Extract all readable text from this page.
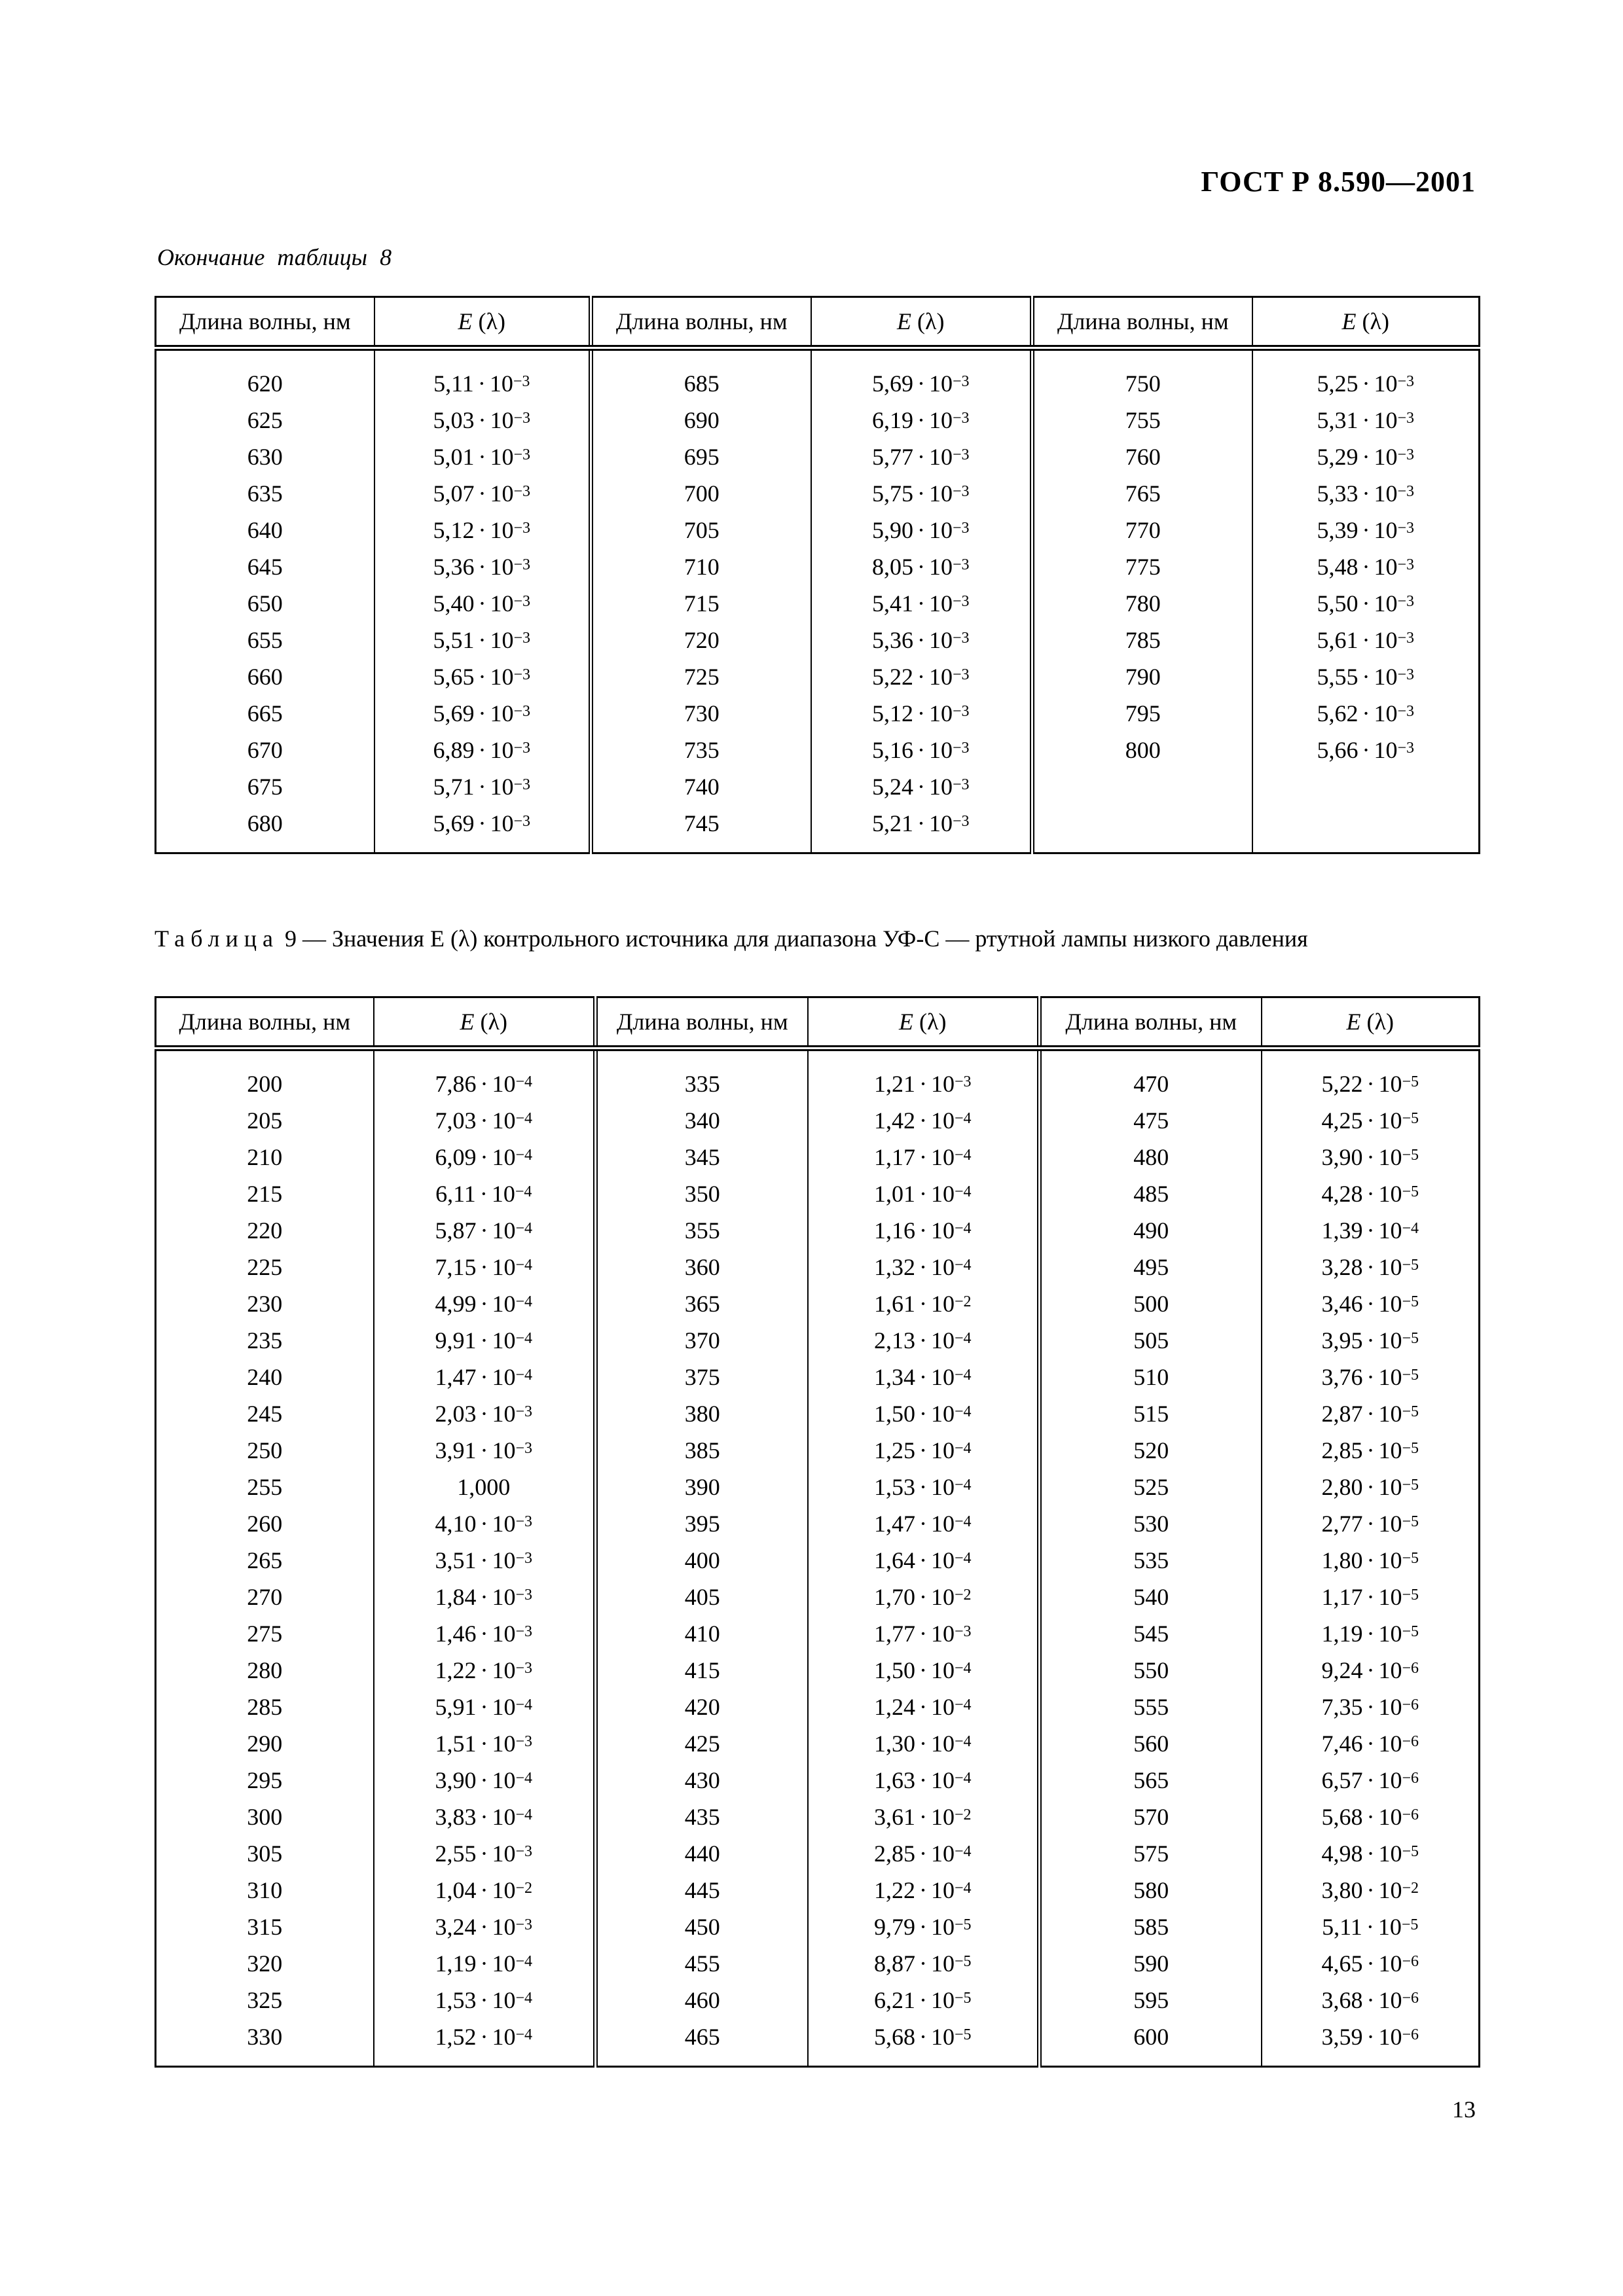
ГОСТ Р 8.590—2001
Окончание таблицы 8
Длина волны, нм	E (λ)	Длина волны, нм	E (λ)	Длина волны, нм	E (λ)

620	$5,11 \cdot 10^{-3}$	685	$5,69 \cdot 10^{-3}$	750	$5,25 \cdot 10^{-3}$
625	$5,03 \cdot 10^{-3}$	690	$6,19 \cdot 10^{-3}$	755	$5,31 \cdot 10^{-3}$
630	$5,01 \cdot 10^{-3}$	695	$5,77 \cdot 10^{-3}$	760	$5,29 \cdot 10^{-3}$
635	$5,07 \cdot 10^{-3}$	700	$5,75 \cdot 10^{-3}$	765	$5,33 \cdot 10^{-3}$
640	$5,12 \cdot 10^{-3}$	705	$5,90 \cdot 10^{-3}$	770	$5,39 \cdot 10^{-3}$
645	$5,36 \cdot 10^{-3}$	710	$8,05 \cdot 10^{-3}$	775	$5,48 \cdot 10^{-3}$
650	$5,40 \cdot 10^{-3}$	715	$5,41 \cdot 10^{-3}$	780	$5,50 \cdot 10^{-3}$
655	$5,51 \cdot 10^{-3}$	720	$5,36 \cdot 10^{-3}$	785	$5,61 \cdot 10^{-3}$
660	$5,65 \cdot 10^{-3}$	725	$5,22 \cdot 10^{-3}$	790	$5,55 \cdot 10^{-3}$
665	$5,69 \cdot 10^{-3}$	730	$5,12 \cdot 10^{-3}$	795	$5,62 \cdot 10^{-3}$
670	$6,89 \cdot 10^{-3}$	735	$5,16 \cdot 10^{-3}$	800	$5,66 \cdot 10^{-3}$
675	$5,71 \cdot 10^{-3}$	740	$5,24 \cdot 10^{-3}$		
680	$5,69 \cdot 10^{-3}$	745	$5,21 \cdot 10^{-3}$		

Таблица 9 — Значения E (λ) контрольного источника для диапазона УФ-С — ртутной лампы низкого давления
Длина волны, нм	E (λ)	Длина волны, нм	E (λ)	Длина волны, нм	E (λ)

200	$7,86 \cdot 10^{-4}$	335	$1,21 \cdot 10^{-3}$	470	$5,22 \cdot 10^{-5}$
205	$7,03 \cdot 10^{-4}$	340	$1,42 \cdot 10^{-4}$	475	$4,25 \cdot 10^{-5}$
210	$6,09 \cdot 10^{-4}$	345	$1,17 \cdot 10^{-4}$	480	$3,90 \cdot 10^{-5}$
215	$6,11 \cdot 10^{-4}$	350	$1,01 \cdot 10^{-4}$	485	$4,28 \cdot 10^{-5}$
220	$5,87 \cdot 10^{-4}$	355	$1,16 \cdot 10^{-4}$	490	$1,39 \cdot 10^{-4}$
225	$7,15 \cdot 10^{-4}$	360	$1,32 \cdot 10^{-4}$	495	$3,28 \cdot 10^{-5}$
230	$4,99 \cdot 10^{-4}$	365	$1,61 \cdot 10^{-2}$	500	$3,46 \cdot 10^{-5}$
235	$9,91 \cdot 10^{-4}$	370	$2,13 \cdot 10^{-4}$	505	$3,95 \cdot 10^{-5}$
240	$1,47 \cdot 10^{-4}$	375	$1,34 \cdot 10^{-4}$	510	$3,76 \cdot 10^{-5}$
245	$2,03 \cdot 10^{-3}$	380	$1,50 \cdot 10^{-4}$	515	$2,87 \cdot 10^{-5}$
250	$3,91 \cdot 10^{-3}$	385	$1,25 \cdot 10^{-4}$	520	$2,85 \cdot 10^{-5}$
255	1,000	390	$1,53 \cdot 10^{-4}$	525	$2,80 \cdot 10^{-5}$
260	$4,10 \cdot 10^{-3}$	395	$1,47 \cdot 10^{-4}$	530	$2,77 \cdot 10^{-5}$
265	$3,51 \cdot 10^{-3}$	400	$1,64 \cdot 10^{-4}$	535	$1,80 \cdot 10^{-5}$
270	$1,84 \cdot 10^{-3}$	405	$1,70 \cdot 10^{-2}$	540	$1,17 \cdot 10^{-5}$
275	$1,46 \cdot 10^{-3}$	410	$1,77 \cdot 10^{-3}$	545	$1,19 \cdot 10^{-5}$
280	$1,22 \cdot 10^{-3}$	415	$1,50 \cdot 10^{-4}$	550	$9,24 \cdot 10^{-6}$
285	$5,91 \cdot 10^{-4}$	420	$1,24 \cdot 10^{-4}$	555	$7,35 \cdot 10^{-6}$
290	$1,51 \cdot 10^{-3}$	425	$1,30 \cdot 10^{-4}$	560	$7,46 \cdot 10^{-6}$
295	$3,90 \cdot 10^{-4}$	430	$1,63 \cdot 10^{-4}$	565	$6,57 \cdot 10^{-6}$
300	$3,83 \cdot 10^{-4}$	435	$3,61 \cdot 10^{-2}$	570	$5,68 \cdot 10^{-6}$
305	$2,55 \cdot 10^{-3}$	440	$2,85 \cdot 10^{-4}$	575	$4,98 \cdot 10^{-5}$
310	$1,04 \cdot 10^{-2}$	445	$1,22 \cdot 10^{-4}$	580	$3,80 \cdot 10^{-2}$
315	$3,24 \cdot 10^{-3}$	450	$9,79 \cdot 10^{-5}$	585	$5,11 \cdot 10^{-5}$
320	$1,19 \cdot 10^{-4}$	455	$8,87 \cdot 10^{-5}$	590	$4,65 \cdot 10^{-6}$
325	$1,53 \cdot 10^{-4}$	460	$6,21 \cdot 10^{-5}$	595	$3,68 \cdot 10^{-6}$
330	$1,52 \cdot 10^{-4}$	465	$5,68 \cdot 10^{-5}$	600	$3,59 \cdot 10^{-6}$

13
